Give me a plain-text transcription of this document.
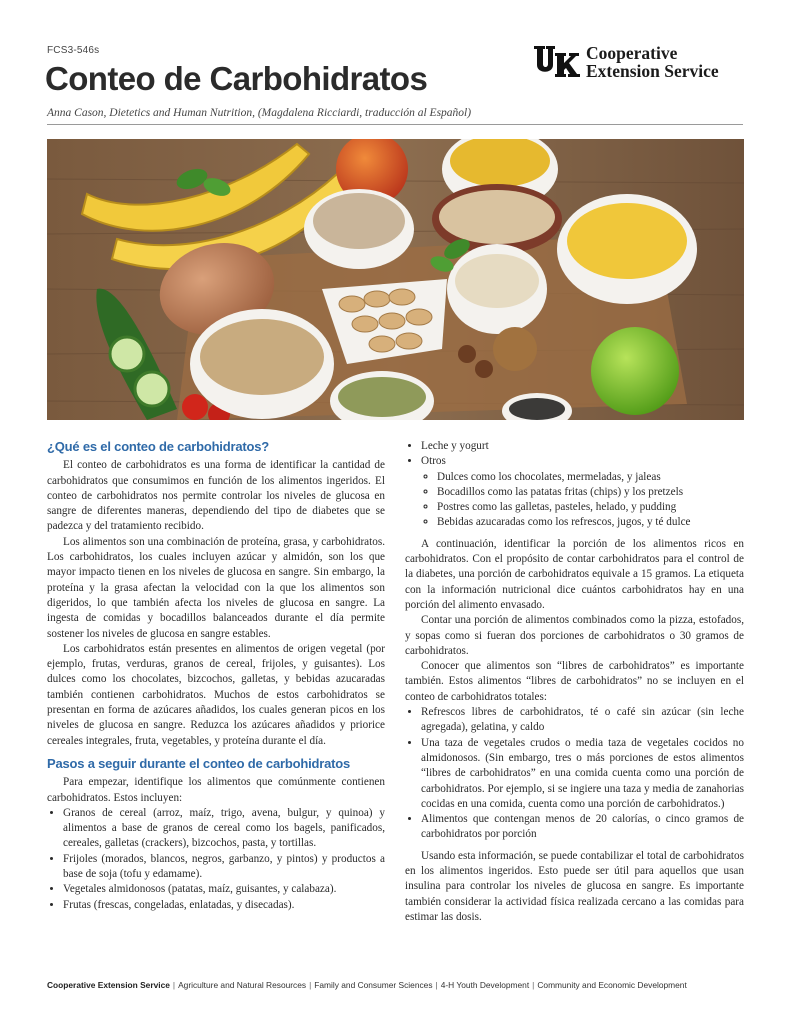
FCS3-546s
Conteo de Carbohidratos
Cooperative
Extension Service
Anna Cason, Dietetics and Human Nutrition, (Magdalena Ricciardi, traducción al Español)
¿Qué es el conteo de carbohidratos?

El conteo de carbohidratos es una forma de identificar la cantidad de carbohidratos que consumimos en función de los alimentos ingeridos. El conteo de carbohidratos nos permite controlar los niveles de glucosa en sangre de diferentes maneras, dependiendo del tipo de diabetes que se padezca y del tratamiento recibido.

Los alimentos son una combinación de proteína, grasa, y carbohidratos. Los carbohidratos, los cuales incluyen azúcar y almidón, son los que mayor impacto tienen en los niveles de glucosa en sangre. Sin embargo, la proteína y la grasa afectan la velocidad con la que los alimentos son digeridos, lo que también afecta los niveles de glucosa en sangre. La ingesta de comidas y bocadillos balanceados durante el día permite sostener los niveles de glucosa en sangre estables.

Los carbohidratos están presentes en alimentos de origen vegetal (por ejemplo, frutas, verduras, granos de cereal, frijoles, y guisantes). Los dulces como los chocolates, bizcochos, galletas, y bebidas azucaradas también contienen carbohidratos. Muchos de estos carbohidratos se presentan en forma de azúcares añadidos, los cuales generan picos en los niveles de glucosa en sangre. Reduzca los azúcares añadidos y priorice cereales integrales, fruta, vegetables, y proteína durante el día.

Pasos a seguir durante el conteo de carbohidratos

Para empezar, identifique los alimentos que comúnmente contienen carbohidratos. Estos incluyen:

• Granos de cereal (arroz, maíz, trigo, avena, bulgur, y quinoa) y alimentos a base de granos de cereal como los bagels, panificados, cereales, galletas (crackers), bizcochos, pasta, y tortillas.
• Frijoles (morados, blancos, negros, garbanzo, y pintos) y productos a base de soja (tofu y edamame).
• Vegetales almidonosos (patatas, maíz, guisantes, y calabaza).
• Frutas (frescas, congeladas, enlatadas, y disecadas).
• Leche y yogurt
• Otros
◦ Dulces como los chocolates, mermeladas, y jaleas
◦ Bocadillos como las patatas fritas (chips) y los pretzels
◦ Postres como las galletas, pasteles, helado, y pudding
◦ Bebidas azucaradas como los refrescos, jugos, y té dulce

A continuación, identificar la porción de los alimentos ricos en carbohidratos. Con el propósito de contar carbohidratos para el control de la diabetes, una porción de carbohidratos equivale a 15 gramos. La etiqueta con la información nutricional dice cuántos carbohidratos hay en una porción del alimento envasado.

Contar una porción de alimentos combinados como la pizza, estofados, y sopas como si fueran dos porciones de carbohidratos o 30 gramos de carbohidratos.

Conocer que alimentos son “libres de carbohidratos” es importante también. Estos alimentos “libres de carbohidratos” no se incluyen en el conteo de carbohidratos totales:

• Refrescos libres de carbohidratos, té o café sin azúcar (sin leche agregada), gelatina, y caldo
• Una taza de vegetales crudos o media taza de vegetales cocidos no almidonosos. (Sin embargo, tres o más porciones de estos alimentos “libres de carbohidratos” en una comida cuenta como una porción de carbohidratos. Por ejemplo, si se ingiere una taza y media de zanahorias cocidas en una comida, cuenta como una porción de carbohidratos.)
• Alimentos que contengan menos de 20 calorías, o cinco gramos de carbohidratos por porción

Usando esta información, se puede contabilizar el total de carbohidratos en los alimentos ingeridos. Esto puede ser útil para aquellos que usan insulina para controlar los niveles de glucosa en sangre. Es importante también considerar la actividad física realizada cercano a las comidas para estimar las dosis.

Cooperative Extension Service | Agriculture and Natural Resources | Family and Consumer Sciences | 4-H Youth Development | Community and Economic Development
